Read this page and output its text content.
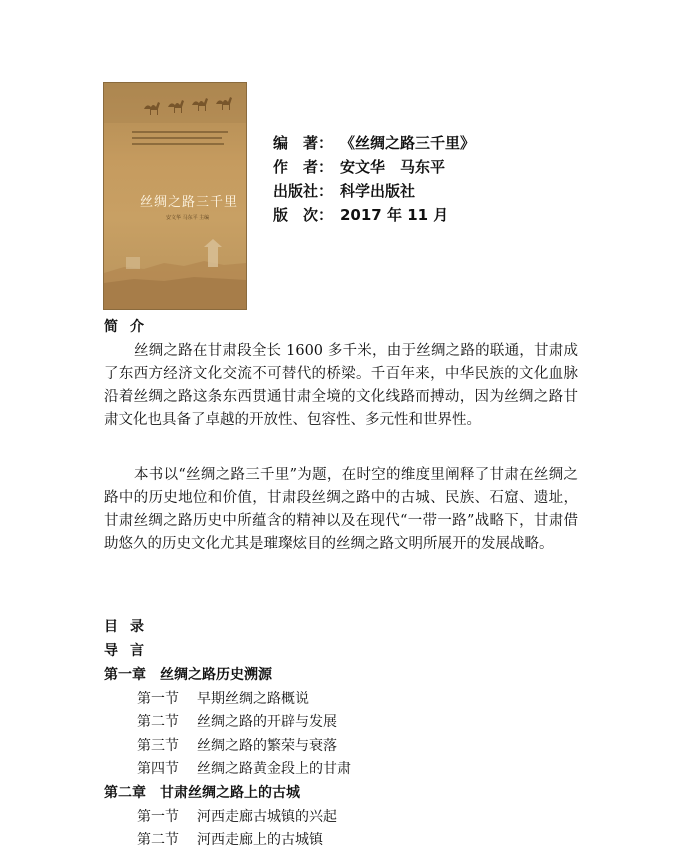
丝绸之路三千里
安文华 马东平 主编
编　著： 《丝绸之路三千里》
作　者： 安文华　马东平
出版社： 科学出版社
版　次： 2017 年 11 月
简介

丝绸之路在甘肃段全长 1600 多千米，由于丝绸之路的联通，甘肃成了东西方经济文化交流不可替代的桥梁。千百年来，中华民族的文化血脉沿着丝绸之路这条东西贯通甘肃全境的文化线路而搏动，因为丝绸之路甘肃文化也具备了卓越的开放性、包容性、多元性和世界性。

本书以“丝绸之路三千里”为题，在时空的维度里阐释了甘肃在丝绸之路中的历史地位和价值，甘肃段丝绸之路中的古城、民族、石窟、遗址，甘肃丝绸之路历史中所蕴含的精神以及在现代“一带一路”战略下，甘肃借助悠久的历史文化尤其是璀璨炫目的丝绸之路文明所展开的发展战略。

目录
导言
第一章　丝绸之路历史溯源
第一节 早期丝绸之路概说
第二节 丝绸之路的开辟与发展
第三节 丝绸之路的繁荣与衰落
第四节 丝绸之路黄金段上的甘肃
第二章　甘肃丝绸之路上的古城
第一节 河西走廊古城镇的兴起
第二节 河西走廊上的古城镇
